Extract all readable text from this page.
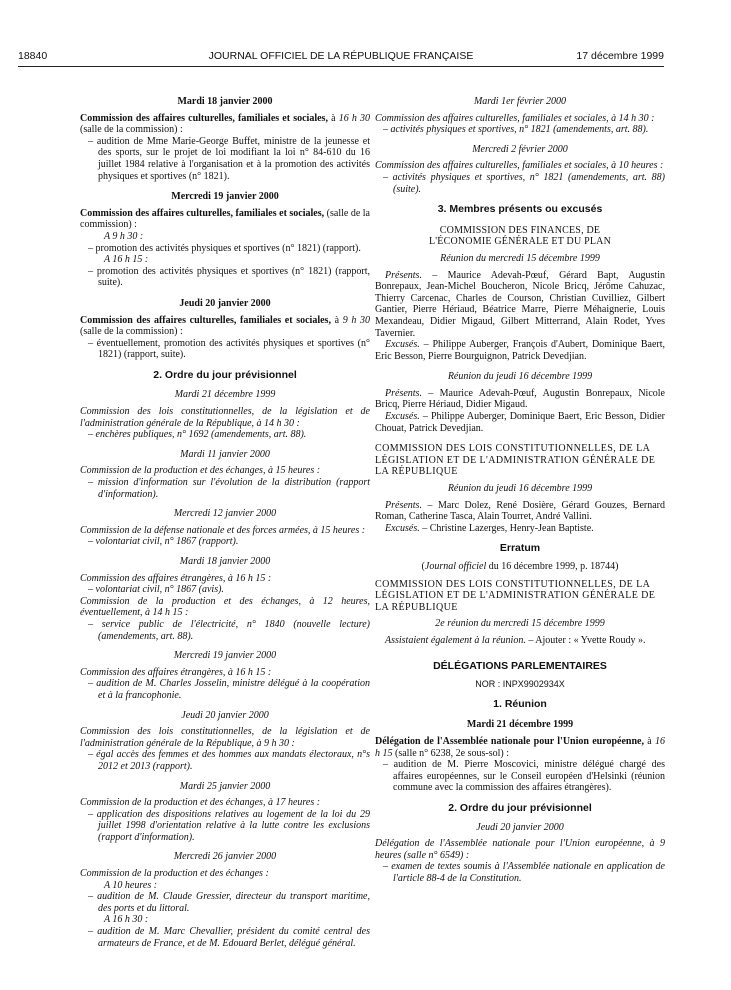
18840	JOURNAL OFFICIEL DE LA RÉPUBLIQUE FRANÇAISE	17 décembre 1999

Mardi 18 janvier 2000

Commission des affaires culturelles, familiales et sociales, à 16 h 30 (salle de la commission) :

– audition de Mme Marie-George Buffet, ministre de la jeunesse et des sports, sur le projet de loi modifiant la loi n° 84-610 du 16 juillet 1984 relative à l'organisation et à la promotion des activités physiques et sportives (n° 1821).

Mercredi 19 janvier 2000

Commission des affaires culturelles, familiales et sociales, (salle de la commission) :

A 9 h 30 :

– promotion des activités physiques et sportives (n° 1821) (rapport).

A 16 h 15 :

– promotion des activités physiques et sportives (n° 1821) (rapport, suite).

Jeudi 20 janvier 2000

Commission des affaires culturelles, familiales et sociales, à 9 h 30 (salle de la commission) :

– éventuellement, promotion des activités physiques et sportives (n° 1821) (rapport, suite).

2. Ordre du jour prévisionnel

Mardi 21 décembre 1999

Commission des lois constitutionnelles, de la législation et de l'administration générale de la République, à 14 h 30 :

– enchères publiques, n° 1692 (amendements, art. 88).

Mardi 11 janvier 2000

Commission de la production et des échanges, à 15 heures :

– mission d'information sur l'évolution de la distribution (rapport d'information).

Mercredi 12 janvier 2000

Commission de la défense nationale et des forces armées, à 15 heures :

– volontariat civil, n° 1867 (rapport).

Mardi 18 janvier 2000

Commission des affaires étrangères, à 16 h 15 :

– volontariat civil, n° 1867 (avis).

Commission de la production et des échanges, à 12 heures, éventuellement, à 14 h 15 :

– service public de l'électricité, n° 1840 (nouvelle lecture) (amendements, art. 88).

Mercredi 19 janvier 2000

Commission des affaires étrangères, à 16 h 15 :

– audition de M. Charles Josselin, ministre délégué à la coopération et à la francophonie.

Jeudi 20 janvier 2000

Commission des lois constitutionnelles, de la législation et de l'administration générale de la République, à 9 h 30 :

– égal accès des femmes et des hommes aux mandats électoraux, n°s 2012 et 2013 (rapport).

Mardi 25 janvier 2000

Commission de la production et des échanges, à 17 heures :

– application des dispositions relatives au logement de la loi du 29 juillet 1998 d'orientation relative à la lutte contre les exclusions (rapport d'information).

Mercredi 26 janvier 2000

Commission de la production et des échanges :

A 10 heures :

– audition de M. Claude Gressier, directeur du transport maritime, des ports et du littoral.

A 16 h 30 :

– audition de M. Marc Chevallier, président du comité central des armateurs de France, et de M. Edouard Berlet, délégué général.

Mardi 1er février 2000

Commission des affaires culturelles, familiales et sociales, à 14 h 30 :

– activités physiques et sportives, n° 1821 (amendements, art. 88).

Mercredi 2 février 2000

Commission des affaires culturelles, familiales et sociales, à 10 heures :

– activités physiques et sportives, n° 1821 (amendements, art. 88) (suite).

3. Membres présents ou excusés

COMMISSION DES FINANCES, DE L'ÉCONOMIE GÉNÉRALE ET DU PLAN

Réunion du mercredi 15 décembre 1999

Présents. – Maurice Adevah-Pœuf, Gérard Bapt, Augustin Bonrepaux, Jean-Michel Boucheron, Nicole Bricq, Jérôme Cahuzac, Thierry Carcenac, Charles de Courson, Christian Cuvilliez, Gilbert Gantier, Pierre Hériaud, Béatrice Marre, Pierre Méhaignerie, Louis Mexandeau, Didier Migaud, Gilbert Mitterrand, Alain Rodet, Yves Tavernier.

Excusés. – Philippe Auberger, François d'Aubert, Dominique Baert, Eric Besson, Pierre Bourguignon, Patrick Devedjian.

Réunion du jeudi 16 décembre 1999

Présents. – Maurice Adevah-Pœuf, Augustin Bonrepaux, Nicole Bricq, Pierre Hériaud, Didier Migaud.

Excusés. – Philippe Auberger, Dominique Baert, Eric Besson, Didier Chouat, Patrick Devedjian.

COMMISSION DES LOIS CONSTITUTIONNELLES, DE LA LÉGISLATION ET DE L'ADMINISTRATION GÉNÉRALE DE LA RÉPUBLIQUE

Réunion du jeudi 16 décembre 1999

Présents. – Marc Dolez, René Dosière, Gérard Gouzes, Bernard Roman, Catherine Tasca, Alain Tourret, André Vallini.

Excusés. – Christine Lazerges, Henry-Jean Baptiste.

Erratum

(Journal officiel du 16 décembre 1999, p. 18744)

COMMISSION DES LOIS CONSTITUTIONNELLES, DE LA LÉGISLATION ET DE L'ADMINISTRATION GÉNÉRALE DE LA RÉPUBLIQUE

2e réunion du mercredi 15 décembre 1999

Assistaient également à la réunion. – Ajouter : « Yvette Roudy ».

DÉLÉGATIONS PARLEMENTAIRES

NOR : INPX9902934X

1. Réunion

Mardi 21 décembre 1999

Délégation de l'Assemblée nationale pour l'Union européenne, à 16 h 15 (salle n° 6238, 2e sous-sol) :

– audition de M. Pierre Moscovici, ministre délégué chargé des affaires européennes, sur le Conseil européen d'Helsinki (réunion commune avec la commission des affaires étrangères).

2. Ordre du jour prévisionnel

Jeudi 20 janvier 2000

Délégation de l'Assemblée nationale pour l'Union européenne, à 9 heures (salle n° 6549) :

– examen de textes soumis à l'Assemblée nationale en application de l'article 88-4 de la Constitution.
